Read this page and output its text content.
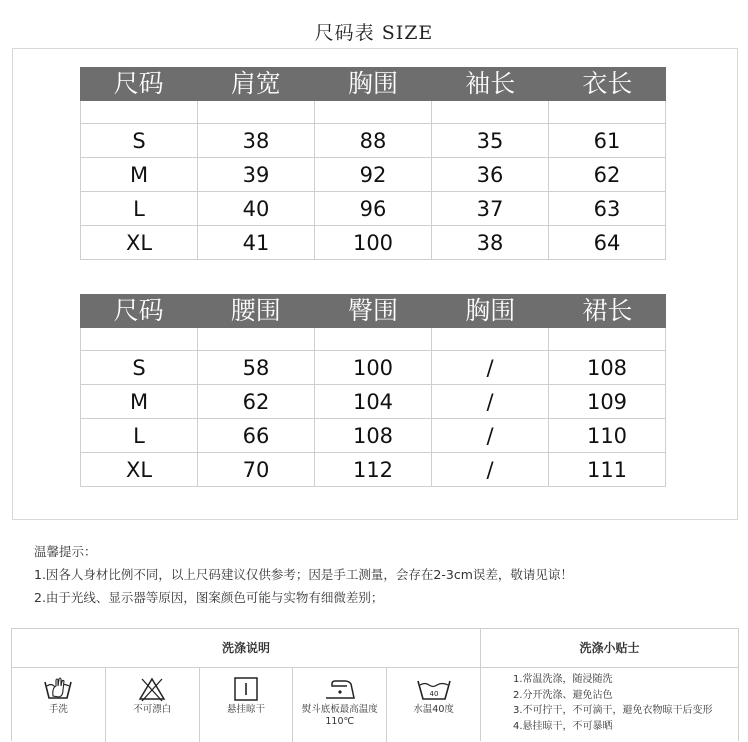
尺码表 SIZE
尺码	肩宽	胸围	袖长	衣长

S	38	88	35	61
M	39	92	36	62
L	40	96	37	63
XL	41	100	38	64
尺码	腰围	臀围	胸围	裙长

S	58	100	/	108
M	62	104	/	109
L	66	108	/	110
XL	70	112	/	111
温馨提示：
1.因各人身材比例不同，以上尺码建议仅供参考；因是手工测量，会存在2-3cm误差，敬请见谅！
2.由于光线、显示器等原因，图案颜色可能与实物有细微差别；
洗涤说明
手洗	不可漂白	悬挂晾干	熨斗底板最高温度110℃
40
水温40度
洗涤小贴士
1.常温洗涤，随浸随洗
2.分开洗涤、避免沾色
3.不可拧干，不可滴干，避免衣物晾干后变形
4.悬挂晾干，不可暴晒
